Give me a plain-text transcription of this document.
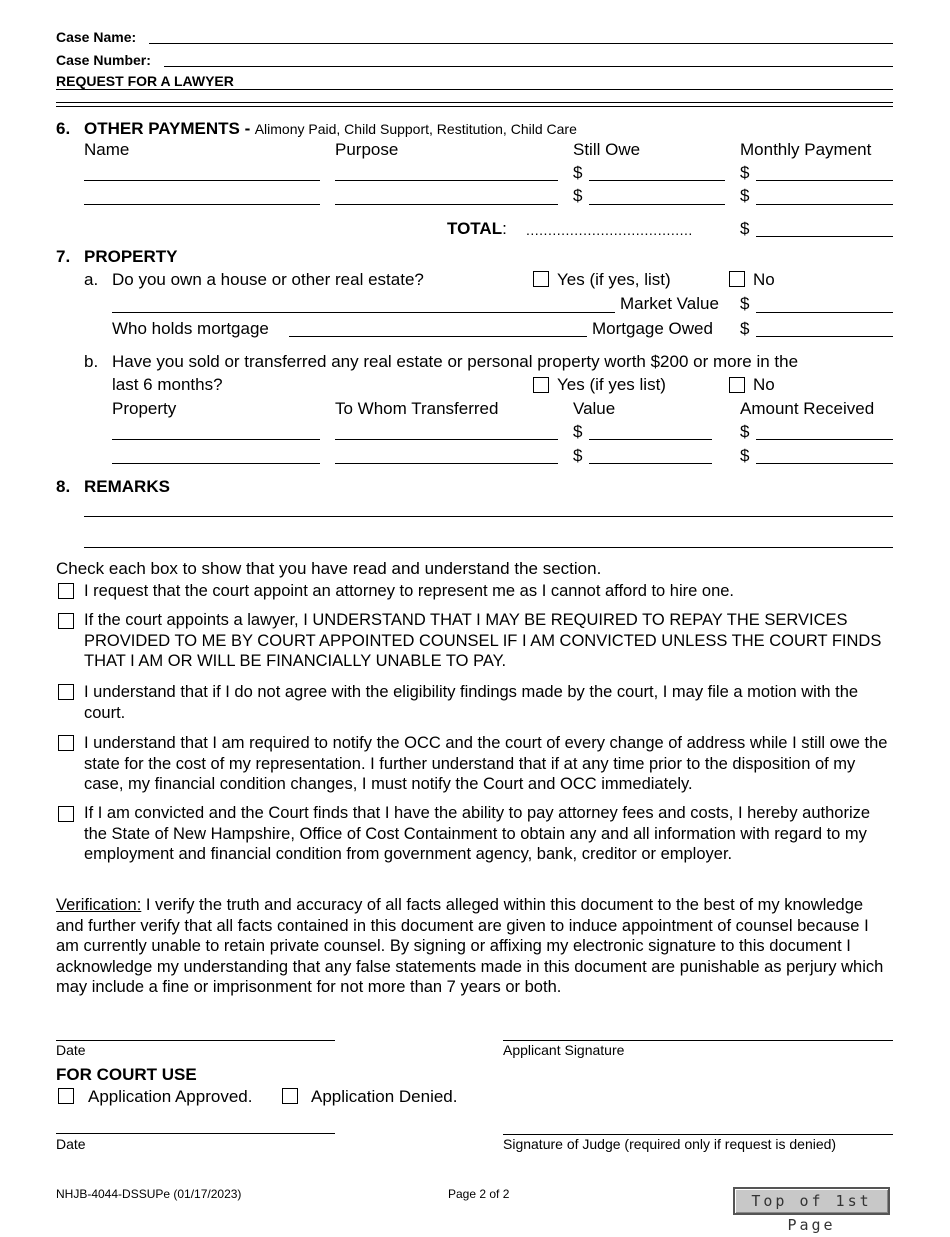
Case Name:
Case Number:
REQUEST FOR A LAWYER
6. OTHER PAYMENTS - Alimony Paid, Child Support, Restitution, Child Care
Name	Purpose	Still Owe	Monthly Payment
$	$
$	$
TOTAL: ......................................	$
7. PROPERTY
a. Do you own a house or other real estate?	Yes (if yes, list)	No
Market Value $
Who holds mortgage	Mortgage Owed $
b. Have you sold or transferred any real estate or personal property worth $200 or more in the
last 6 months?	Yes (if yes list)	No
Property	To Whom Transferred	Value	Amount Received
$	$
$	$
8. REMARKS
Check each box to show that you have read and understand the section.
I request that the court appoint an attorney to represent me as I cannot afford to hire one.
If the court appoints a lawyer, I UNDERSTAND THAT I MAY BE REQUIRED TO REPAY THE SERVICES PROVIDED TO ME BY COURT APPOINTED COUNSEL IF I AM CONVICTED UNLESS THE COURT FINDS THAT I AM OR WILL BE FINANCIALLY UNABLE TO PAY.
I understand that if I do not agree with the eligibility findings made by the court, I may file a motion with the court.
I understand that I am required to notify the OCC and the court of every change of address while I still owe the state for the cost of my representation. I further understand that if at any time prior to the disposition of my case, my financial condition changes, I must notify the Court and OCC immediately.
If I am convicted and the Court finds that I have the ability to pay attorney fees and costs, I hereby authorize the State of New Hampshire, Office of Cost Containment to obtain any and all information with regard to my employment and financial condition from government agency, bank, creditor or employer.
Verification: I verify the truth and accuracy of all facts alleged within this document to the best of my knowledge and further verify that all facts contained in this document are given to induce appointment of counsel because I am currently unable to retain private counsel. By signing or affixing my electronic signature to this document I acknowledge my understanding that any false statements made in this document are punishable as perjury which may include a fine or imprisonment for not more than 7 years or both.
Date	Applicant Signature
FOR COURT USE
Application Approved.	Application Denied.
Date	Signature of Judge (required only if request is denied)
NHJB-4044-DSSUPe (01/17/2023)	Page 2 of 2	Top of 1st Page
